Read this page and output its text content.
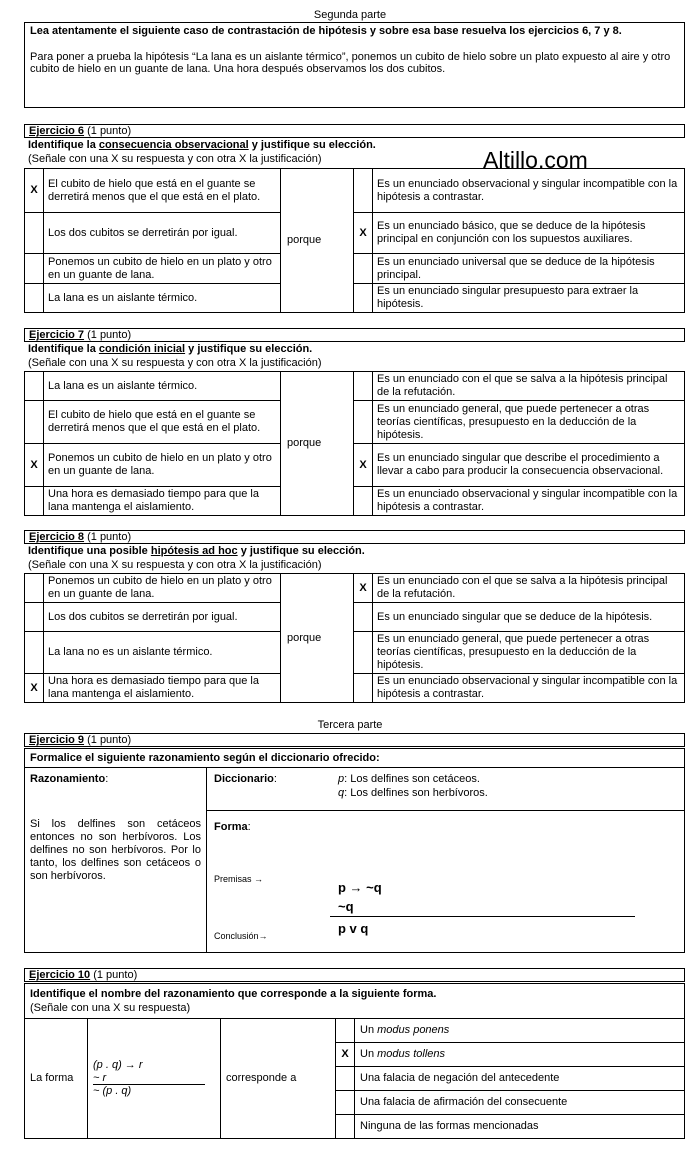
Segunda parte
Lea atentamente el siguiente caso de contrastación de hipótesis y sobre esa base resuelva los ejercicios 6, 7 y 8.
Para poner a prueba la hipótesis “La lana es un aislante térmico”, ponemos un cubito de hielo sobre un plato expuesto al aire y otro cubito de hielo en un guante de lana. Una hora después observamos los dos cubitos.
Ejercicio 6 (1 punto)
Identifique la consecuencia observacional y justifique su elección.
(Señale con una X su respuesta y con otra X la justificación)	Altillo.com
X	El cubito de hielo que está en el guante se derretirá menos que el que está en el plato.	porque		Es un enunciado observacional y singular incompatible con la hipótesis a contrastar.
	Los dos cubitos se derretirán por igual.		X	Es un enunciado básico, que se deduce de la hipótesis principal en conjunción con los supuestos auxiliares.
	Ponemos un cubito de hielo en un plato y otro en un guante de lana.			Es un enunciado universal que se deduce de la hipótesis principal.
	La lana es un aislante térmico.			Es un enunciado singular presupuesto para extraer la hipótesis.
Ejercicio 7 (1 punto)
Identifique la condición inicial y justifique su elección.
(Señale con una X su respuesta y con otra X la justificación)
	La lana es un aislante térmico.	porque		Es un enunciado con el que se salva a la hipótesis principal de la refutación.
	El cubito de hielo que está en el guante se derretirá menos que el que está en el plato.			Es un enunciado general, que puede pertenecer a otras teorías científicas, presupuesto en la deducción de la hipótesis.
X	Ponemos un cubito de hielo en un plato y otro en un guante de lana.		X	Es un enunciado singular que describe el procedimiento a llevar a cabo para producir la consecuencia observacional.
	Una hora es demasiado tiempo para que la lana mantenga el aislamiento.			Es un enunciado observacional y singular incompatible con la hipótesis a contrastar.
Ejercicio 8 (1 punto)
Identifique una posible hipótesis ad hoc y justifique su elección.
(Señale con una X su respuesta y con otra X la justificación)
	Ponemos un cubito de hielo en un plato y otro en un guante de lana.	porque	X	Es un enunciado con el que se salva a la hipótesis principal de la refutación.
	Los dos cubitos se derretirán por igual.			Es un enunciado singular que se deduce de la hipótesis.
	La lana no es un aislante térmico.			Es un enunciado general, que puede pertenecer a otras teorías científicas, presupuesto en la deducción de la hipótesis.
X	Una hora es demasiado tiempo para que la lana mantenga el aislamiento.			Es un enunciado observacional y singular incompatible con la hipótesis a contrastar.
Tercera parte
Ejercicio 9 (1 punto)
Formalice el siguiente razonamiento según el diccionario ofrecido:
Razonamiento:
Si los delfines son cetáceos entonces no son herbívoros. Los delfines no son herbívoros. Por lo tanto, los delfines son cetáceos o son herbívoros.
Diccionario:	p: Los delfines son cetáceos.
q: Los delfines son herbívoros.
Forma:
Premisas →
p → ~q
~q
Conclusión→	p v q
Ejercicio 10 (1 punto)
Identifique el nombre del razonamiento que corresponde a la siguiente forma.
(Señale con una X su respuesta)
La forma	(p . q) → r
~ r
~ (p . q)	corresponde a		Un modus ponens
			X	Un modus tollens
				Una falacia de negación del antecedente
				Una falacia de afirmación del consecuente
				Ninguna de las formas mencionadas
